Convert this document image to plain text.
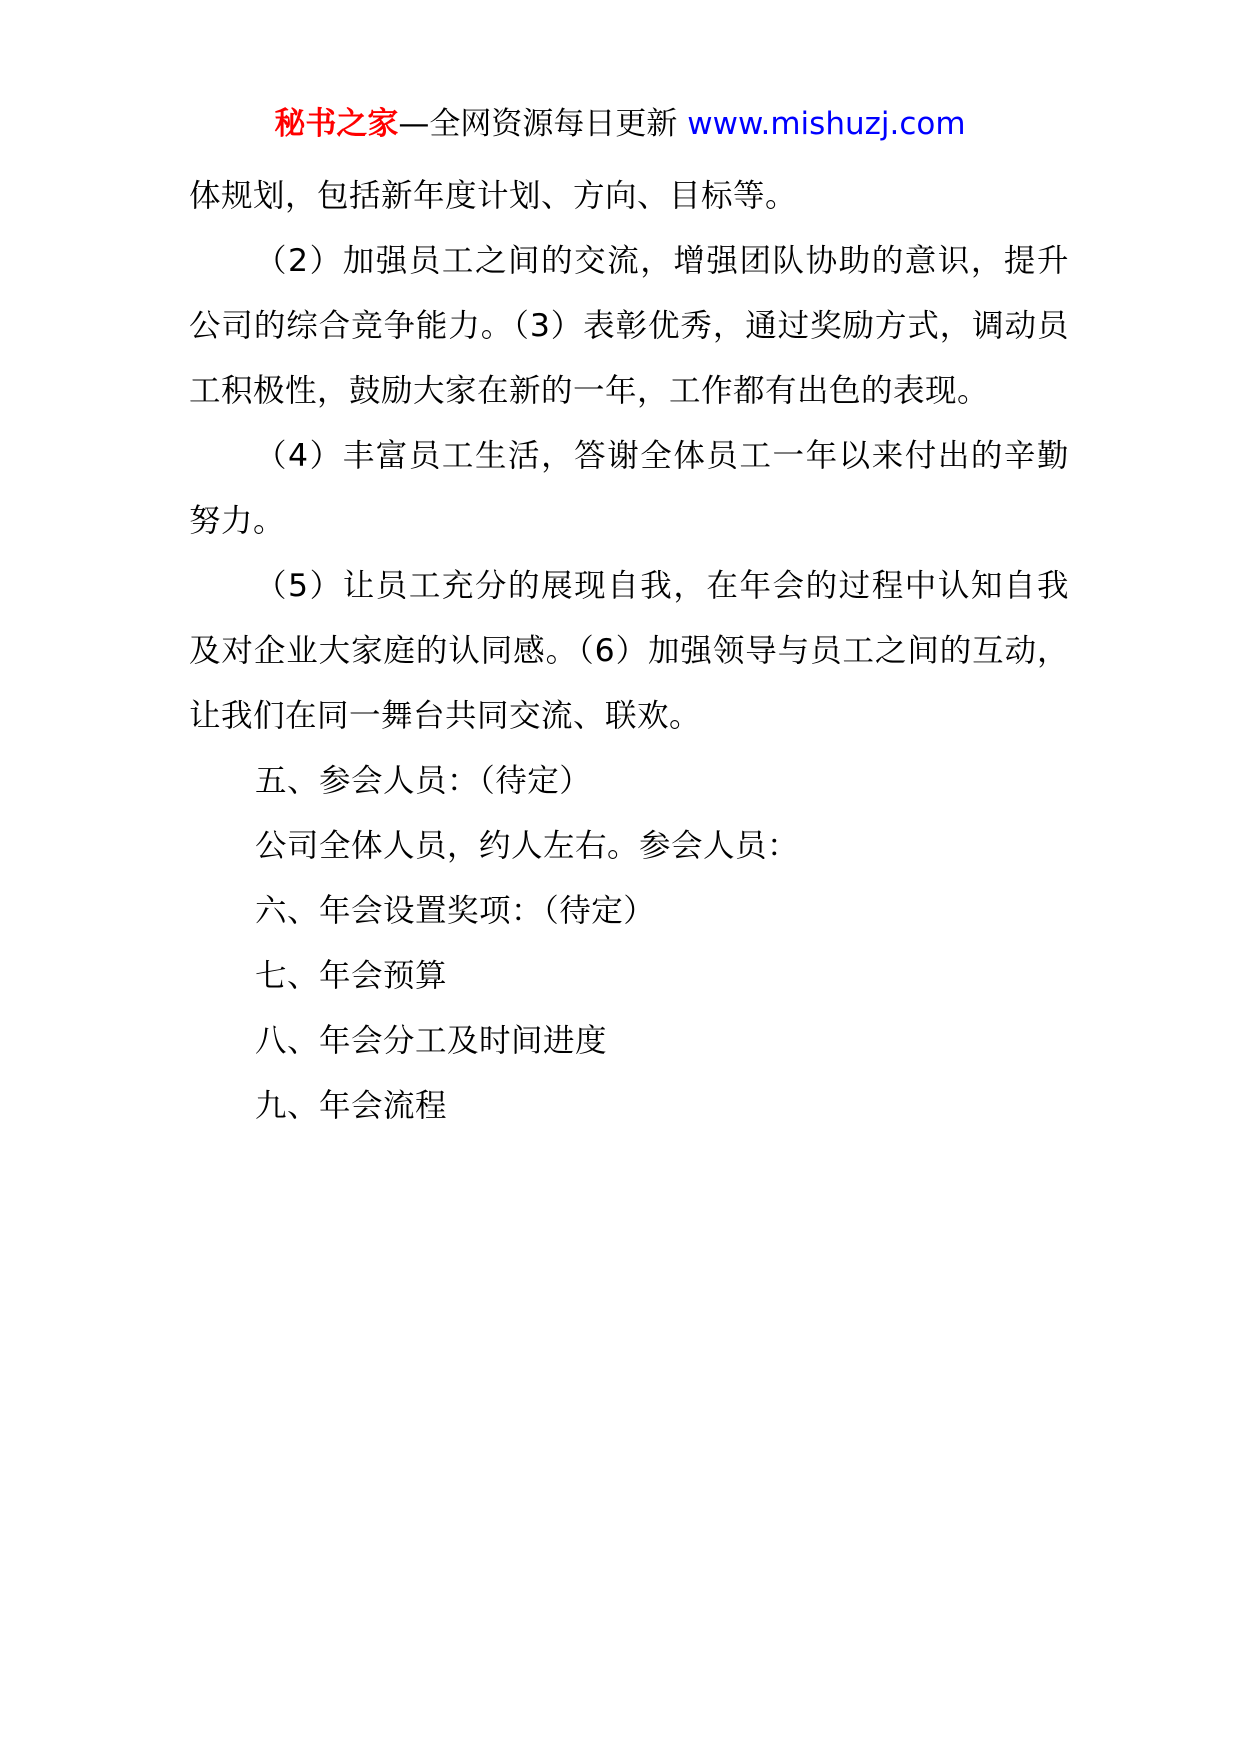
秘书之家—全网资源每日更新 www.mishuzj.com

体规划，包括新年度计划、方向、目标等。

（2）加强员工之间的交流，增强团队协助的意识，提升公司的综合竞争能力。（3）表彰优秀，通过奖励方式，调动员工积极性，鼓励大家在新的一年，工作都有出色的表现。

（4）丰富员工生活，答谢全体员工一年以来付出的辛勤努力。

（5）让员工充分的展现自我，在年会的过程中认知自我及对企业大家庭的认同感。（6）加强领导与员工之间的互动，让我们在同一舞台共同交流、联欢。

五、参会人员：（待定）

公司全体人员，约人左右。参会人员：

六、年会设置奖项：（待定）

七、年会预算

八、年会分工及时间进度

九、年会流程
